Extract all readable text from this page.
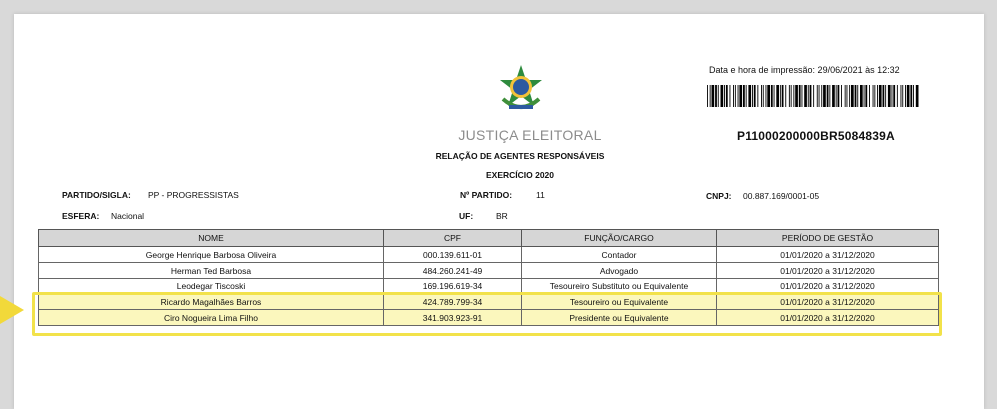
Data e hora de impressão: 29/06/2021 às 12:32
P11000200000BR5084839A
JUSTIÇA ELEITORAL
RELAÇÃO DE AGENTES RESPONSÁVEIS
EXERCÍCIO 2020
PARTIDO/SIGLA: PP - PROGRESSISTAS	Nº PARTIDO:	11	CNPJ: 00.887.169/0001-05
ESFERA: Nacional	UF:	BR
NOME	CPF	FUNÇÃO/CARGO	PERÍODO DE GESTÃO
George Henrique Barbosa Oliveira	000.139.611-01	Contador	01/01/2020 a 31/12/2020
Herman Ted Barbosa	484.260.241-49	Advogado	01/01/2020 a 31/12/2020
Leodegar Tiscoski	169.196.619-34	Tesoureiro Substituto ou Equivalente	01/01/2020 a 31/12/2020
Ricardo Magalhães Barros	424.789.799-34	Tesoureiro ou Equivalente	01/01/2020 a 31/12/2020
Ciro Nogueira Lima Filho	341.903.923-91	Presidente ou Equivalente	01/01/2020 a 31/12/2020
